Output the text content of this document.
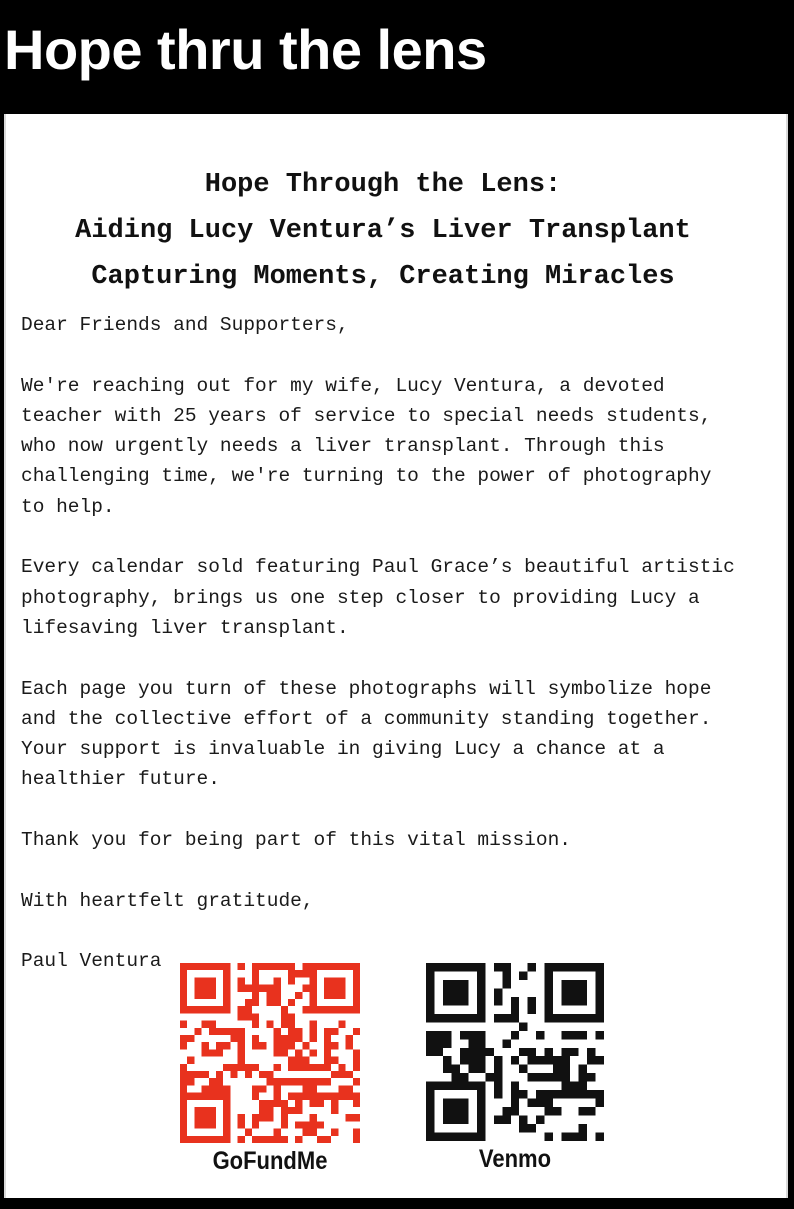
Hope thru the lens
Hope Through the Lens:
Aiding Lucy Ventura’s Liver Transplant
Capturing Moments, Creating Miracles
Dear Friends and Supporters,
We're reaching out for my wife, Lucy Ventura, a devoted
teacher with 25 years of service to special needs students,
who now urgently needs a liver transplant. Through this
challenging time, we're turning to the power of photography
to help.
Every calendar sold featuring Paul Grace’s beautiful artistic
photography, brings us one step closer to providing Lucy a
lifesaving liver transplant.
Each page you turn of these photographs will symbolize hope
and the collective effort of a community standing together.
Your support is invaluable in giving Lucy a chance at a
healthier future.
Thank you for being part of this vital mission.
With heartfelt gratitude,
Paul Ventura
GoFundMe	Venmo
